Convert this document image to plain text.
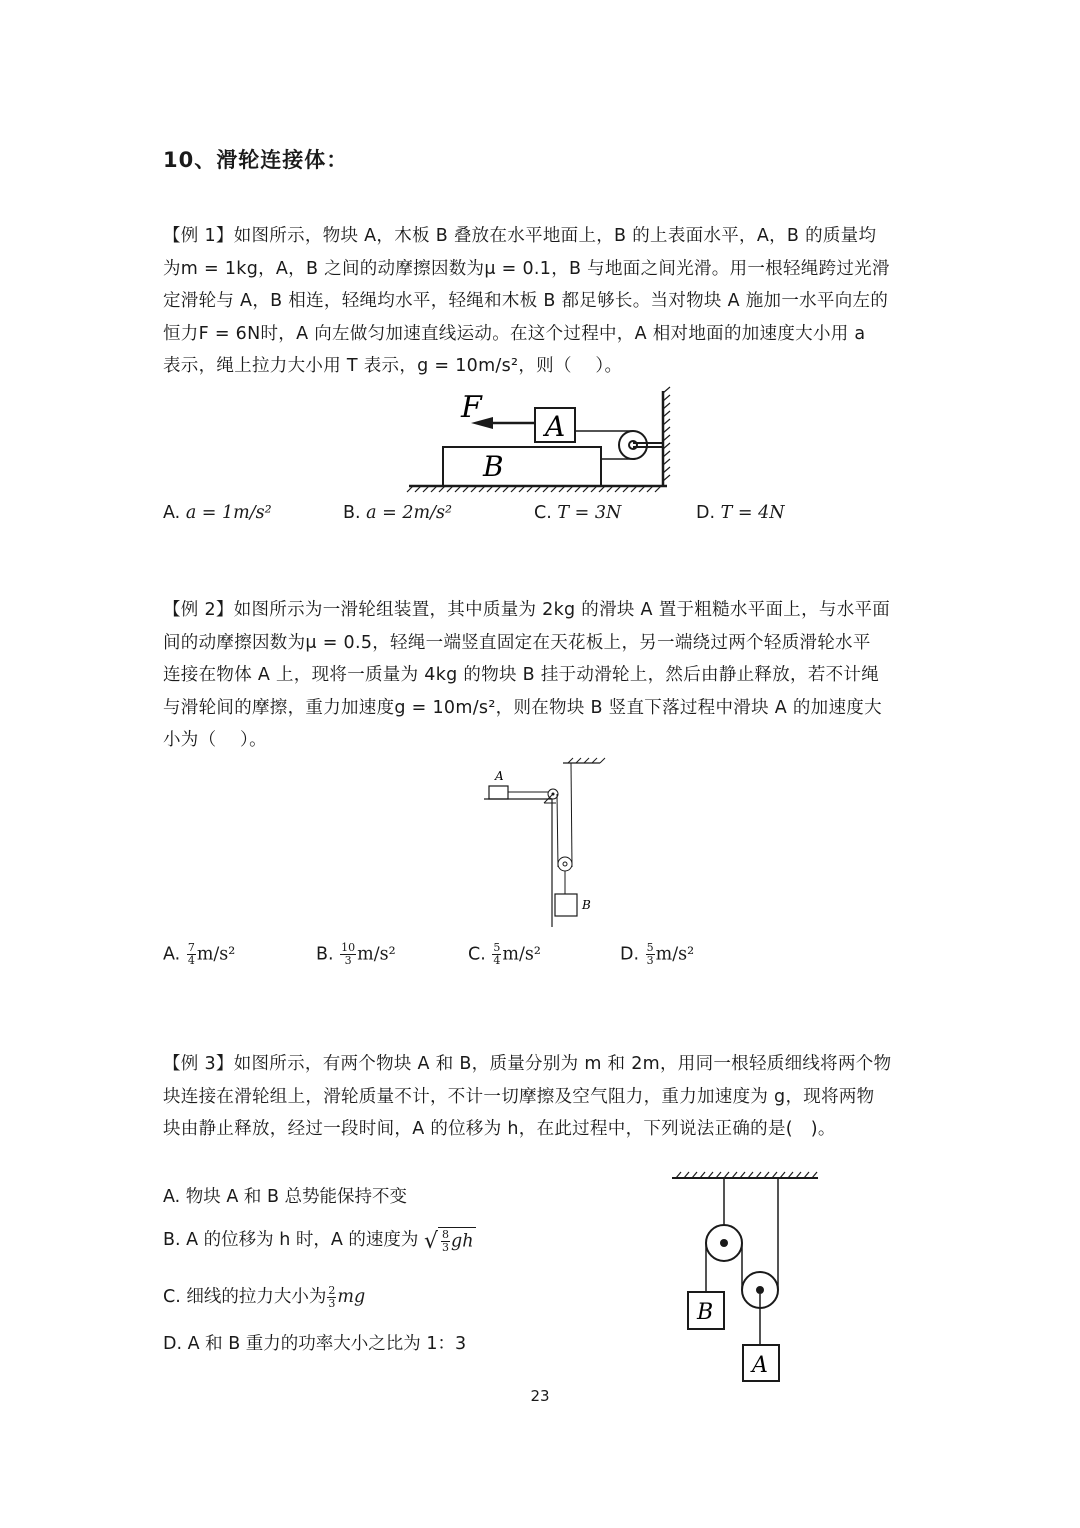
10、滑轮连接体：
【例 1】如图所示，物块 A，木板 B 叠放在水平地面上，B 的上表面水平，A，B 的质量均
为m = 1kg，A，B 之间的动摩擦因数为μ = 0.1，B 与地面之间光滑。用一根轻绳跨过光滑
定滑轮与 A，B 相连，轻绳均水平，轻绳和木板 B 都足够长。当对物块 A 施加一水平向左的
恒力F = 6N时，A 向左做匀加速直线运动。在这个过程中，A 相对地面的加速度大小用 a
表示，绳上拉力大小用 T 表示，g = 10m/s²，则（　 ）。
B
A
F
A. a = 1m/s²	B. a = 2m/s²	C. T = 3N	D. T = 4N
【例 2】如图所示为一滑轮组装置，其中质量为 2kg 的滑块 A 置于粗糙水平面上，与水平面
间的动摩擦因数为μ = 0.5，轻绳一端竖直固定在天花板上，另一端绕过两个轻质滑轮水平
连接在物体 A 上，现将一质量为 4kg 的物块 B 挂于动滑轮上，然后由静止释放，若不计绳
与滑轮间的摩擦，重力加速度g = 10m/s²，则在物块 B 竖直下落过程中滑块 A 的加速度大
小为（　 ）。
A
B
A. $\frac{7}{4} m/s^2$	B. $\frac{10}{3} m/s^2$	C. $\frac{5}{4} m/s^2$	D. $\frac{5}{3} m/s^2$
【例 3】如图所示，有两个物块 A 和 B，质量分别为 m 和 2m，用同一根轻质细线将两个物
块连接在滑轮组上，滑轮质量不计，不计一切摩擦及空气阻力，重力加速度为 g，现将两物
块由静止释放，经过一段时间，A 的位移为 h，在此过程中，下列说法正确的是(　)。
A. 物块 A 和 B 总势能保持不变
B. A 的位移为 h 时，A 的速度为 √ $\frac{8}{3}$ gh
C. 细线的拉力大小为 $\frac{2}{3}$ mg
D. A 和 B 重力的功率大小之比为 1：3
B
A
23
